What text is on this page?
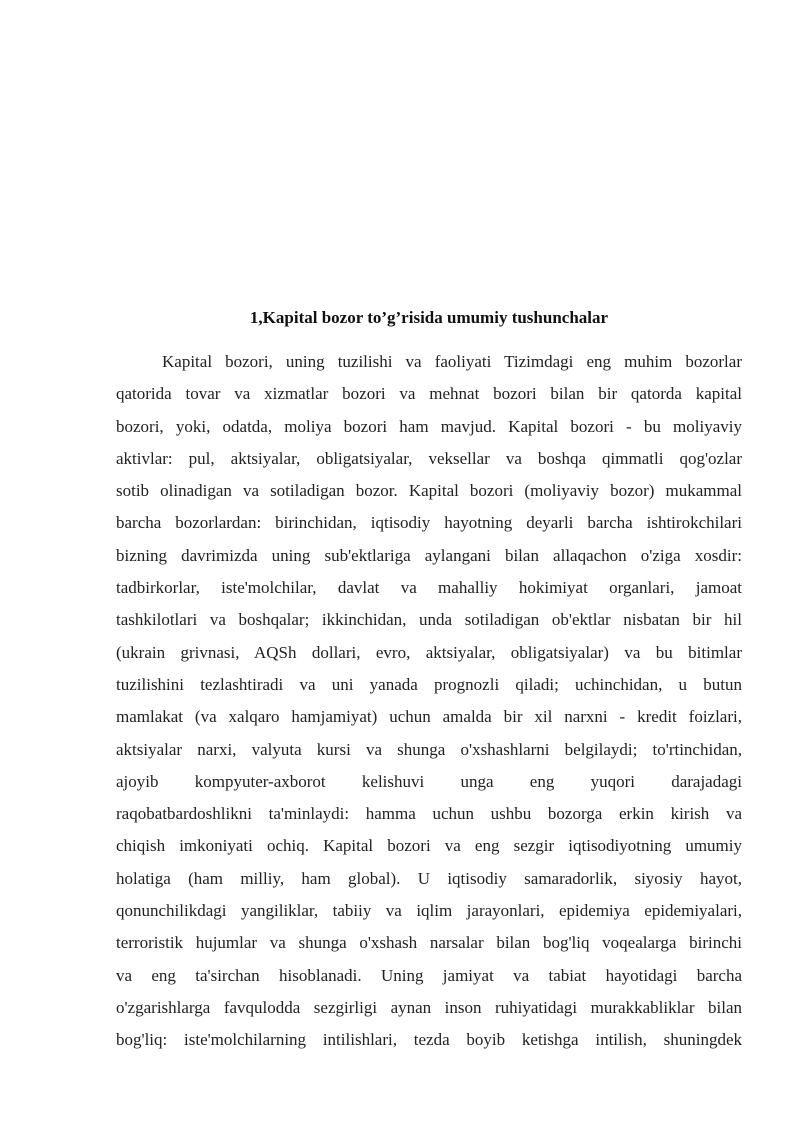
1,Kapital bozor to’g’risida umumiy tushunchalar
Kapital bozori, uning tuzilishi va faoliyati Tizimdagi eng muhim bozorlar
qatorida tovar va xizmatlar bozori va mehnat bozori bilan bir qatorda kapital
bozori, yoki, odatda, moliya bozori ham mavjud. Kapital bozori - bu moliyaviy
aktivlar: pul, aktsiyalar, obligatsiyalar, veksellar va boshqa qimmatli qog'ozlar
sotib olinadigan va sotiladigan bozor. Kapital bozori (moliyaviy bozor) mukammal
barcha bozorlardan: birinchidan, iqtisodiy hayotning deyarli barcha ishtirokchilari
bizning davrimizda uning sub'ektlariga aylangani bilan allaqachon o'ziga xosdir:
tadbirkorlar, iste'molchilar, davlat va mahalliy hokimiyat organlari, jamoat
tashkilotlari va boshqalar; ikkinchidan, unda sotiladigan ob'ektlar nisbatan bir hil
(ukrain grivnasi, AQSh dollari, evro, aktsiyalar, obligatsiyalar) va bu bitimlar
tuzilishini tezlashtiradi va uni yanada prognozli qiladi; uchinchidan, u butun
mamlakat (va xalqaro hamjamiyat) uchun amalda bir xil narxni - kredit foizlari,
aktsiyalar narxi, valyuta kursi va shunga o'xshashlarni belgilaydi; to'rtinchidan,
ajoyib kompyuter-axborot kelishuvi unga eng yuqori darajadagi
raqobatbardoshlikni ta'minlaydi: hamma uchun ushbu bozorga erkin kirish va
chiqish imkoniyati ochiq. Kapital bozori va eng sezgir iqtisodiyotning umumiy
holatiga (ham milliy, ham global). U iqtisodiy samaradorlik, siyosiy hayot,
qonunchilikdagi yangiliklar, tabiiy va iqlim jarayonlari, epidemiya epidemiyalari,
terroristik hujumlar va shunga o'xshash narsalar bilan bog'liq voqealarga birinchi
va eng ta'sirchan hisoblanadi. Uning jamiyat va tabiat hayotidagi barcha
o'zgarishlarga favqulodda sezgirligi aynan inson ruhiyatidagi murakkabliklar bilan
bog'liq: iste'molchilarning intilishlari, tezda boyib ketishga intilish, shuningdek
